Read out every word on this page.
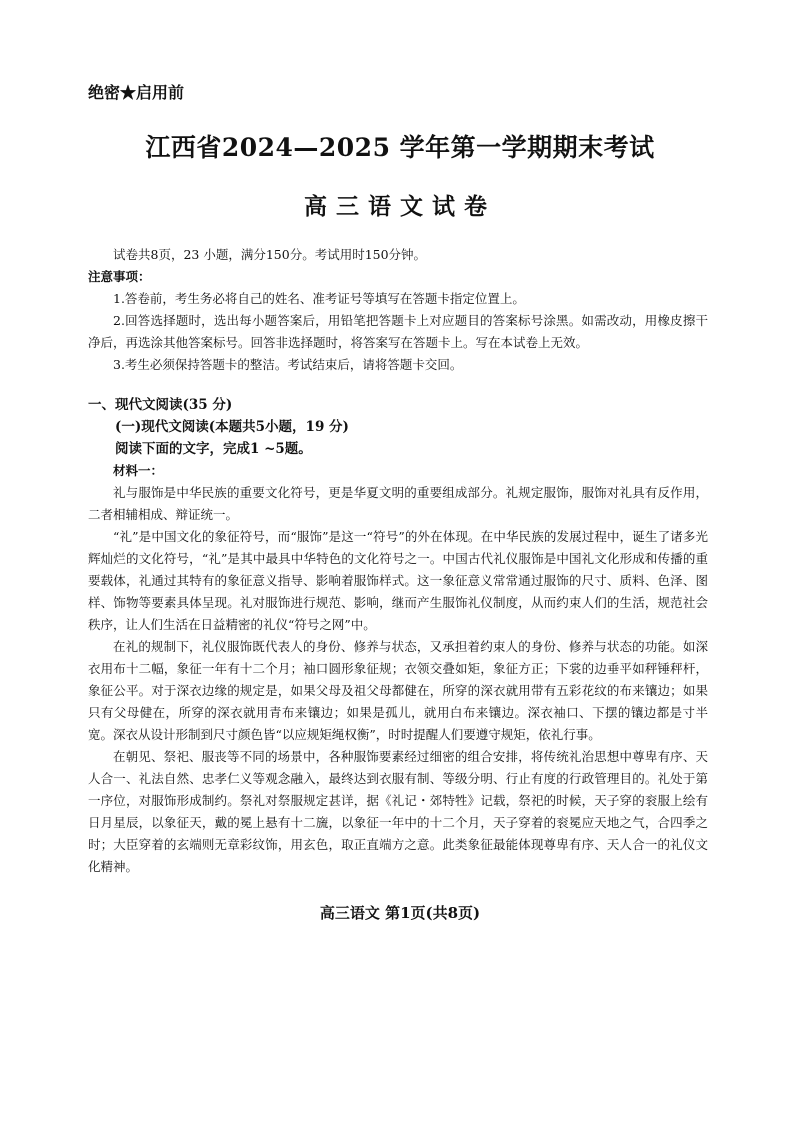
绝密★启用前
江西省2024—2025 学年第一学期期末考试
高三语文试卷

试卷共8页，23 小题，满分150分。考试用时150分钟。

注意事项：

1.答卷前，考生务必将自己的姓名、准考证号等填写在答题卡指定位置上。

2.回答选择题时，选出每小题答案后，用铅笔把答题卡上对应题目的答案标号涂黑。如需改动，用橡皮擦干净后，再选涂其他答案标号。回答非选择题时，将答案写在答题卡上。写在本试卷上无效。

3.考生必须保持答题卡的整洁。考试结束后，请将答题卡交回。

一、现代文阅读(35 分)

(一)现代文阅读(本题共5小题，19 分)

阅读下面的文字，完成1 ~5题。

材料一：

礼与服饰是中华民族的重要文化符号，更是华夏文明的重要组成部分。礼规定服饰，服饰对礼具有反作用，二者相辅相成、辩证统一。

“礼”是中国文化的象征符号，而“服饰”是这一“符号”的外在体现。在中华民族的发展过程中，诞生了诸多光辉灿烂的文化符号，“礼”是其中最具中华特色的文化符号之一。中国古代礼仪服饰是中国礼文化形成和传播的重要载体，礼通过其特有的象征意义指导、影响着服饰样式。这一象征意义常常通过服饰的尺寸、质料、色泽、图样、饰物等要素具体呈现。礼对服饰进行规范、影响，继而产生服饰礼仪制度，从而约束人们的生活，规范社会秩序，让人们生活在日益精密的礼仪“符号之网”中。

在礼的规制下，礼仪服饰既代表人的身份、修养与状态，又承担着约束人的身份、修养与状态的功能。如深衣用布十二幅，象征一年有十二个月；袖口圆形象征规；衣领交叠如矩，象征方正；下裳的边垂平如秤锤秤杆，象征公平。对于深衣边缘的规定是，如果父母及祖父母都健在，所穿的深衣就用带有五彩花纹的布来镶边；如果只有父母健在，所穿的深衣就用青布来镶边；如果是孤儿，就用白布来镶边。深衣袖口、下摆的镶边都是寸半宽。深衣从设计形制到尺寸颜色皆“以应规矩绳权衡”，时时提醒人们要遵守规矩，依礼行事。

在朝见、祭祀、服丧等不同的场景中，各种服饰要素经过细密的组合安排，将传统礼治思想中尊卑有序、天人合一、礼法自然、忠孝仁义等观念融入，最终达到衣服有制、等级分明、行止有度的行政管理目的。礼处于第一序位，对服饰形成制约。祭礼对祭服规定甚详，据《礼记・郊特牲》记载，祭祀的时候，天子穿的衮服上绘有日月星辰，以象征天，戴的冕上悬有十二旒，以象征一年中的十二个月，天子穿着的衮冕应天地之气，合四季之时；大臣穿着的玄端则无章彩纹饰，用玄色，取正直端方之意。此类象征最能体现尊卑有序、天人合一的礼仪文化精神。

高三语文 第1页(共8页)
